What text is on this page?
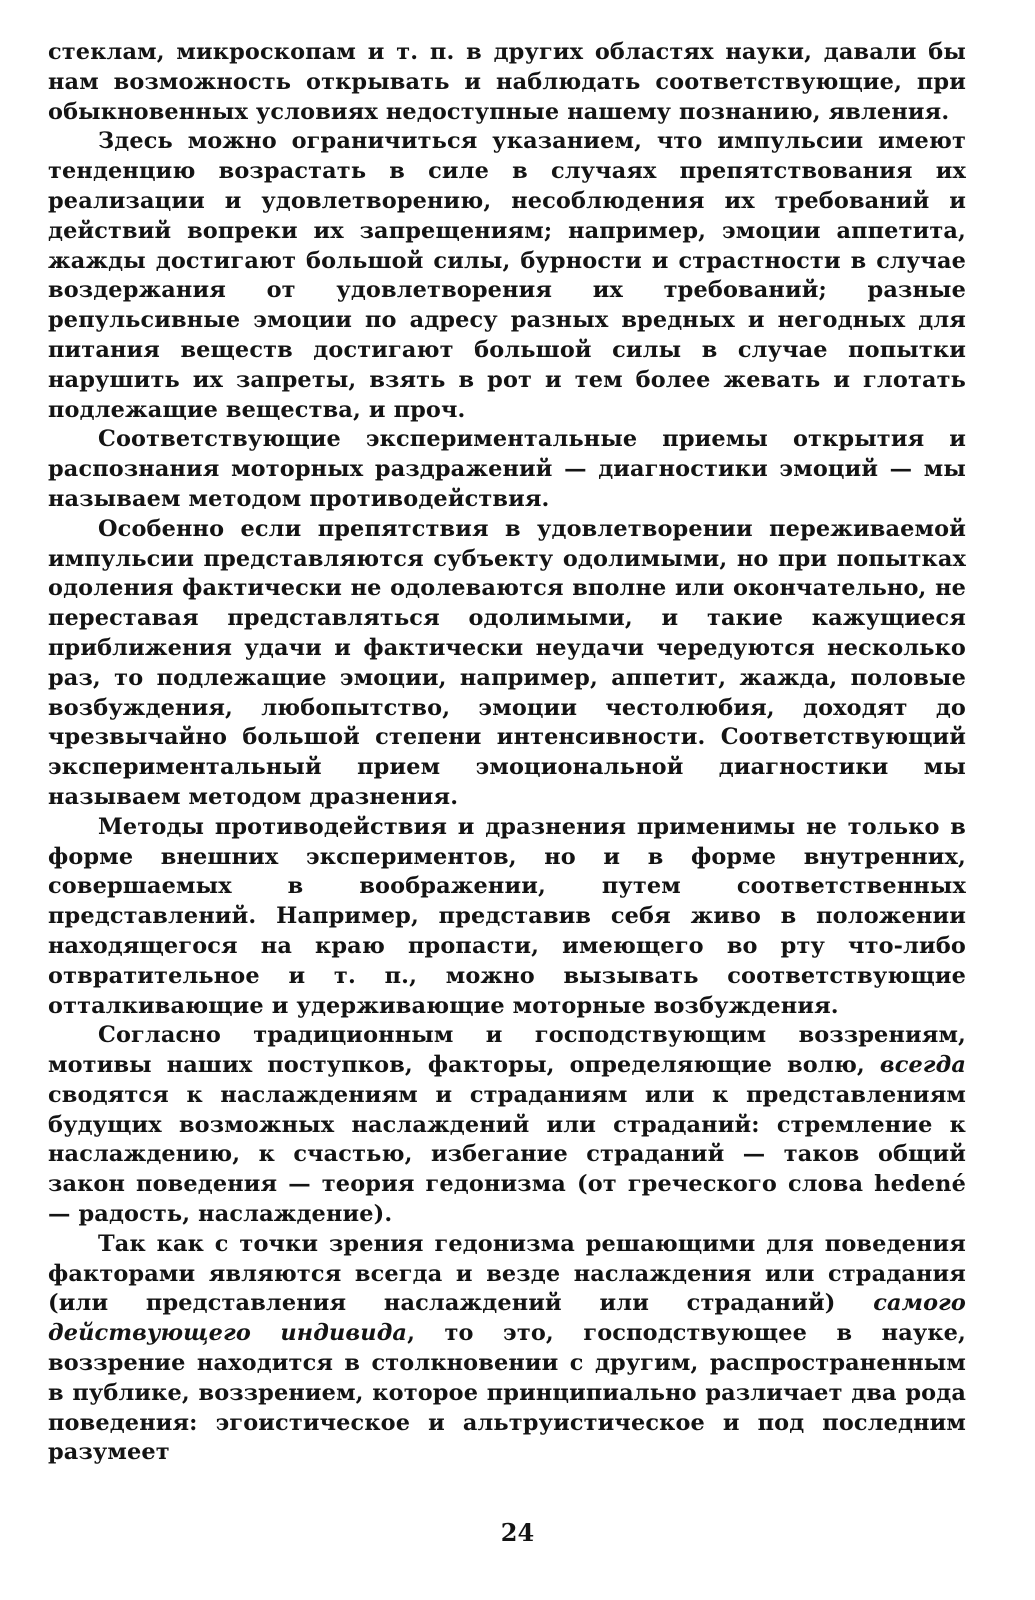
стеклам, микроскопам и т. п. в других областях науки, давали бы нам возможность открывать и наблюдать соответствующие, при обыкновенных условиях недоступные нашему познанию, явления.

Здесь можно ограничиться указанием, что импульсии имеют тенденцию возрастать в силе в случаях препятствования их реализации и удовлетворению, несоблюдения их требований и действий вопреки их запрещениям; например, эмоции аппетита, жажды достигают большой силы, бурности и страстности в случае воздержания от удовлетворения их требований; разные репульсивные эмоции по адресу разных вредных и негодных для питания веществ достигают большой силы в случае попытки нарушить их запреты, взять в рот и тем более жевать и глотать подлежащие вещества, и проч.

Соответствующие экспериментальные приемы открытия и распознания моторных раздражений — диагностики эмоций — мы называем методом противодействия.

Особенно если препятствия в удовлетворении переживаемой импульсии представляются субъекту одолимыми, но при попытках одоления фактически не одолеваются вполне или окончательно, не переставая представляться одолимыми, и такие кажущиеся приближения удачи и фактически неудачи чередуются несколько раз, то подлежащие эмоции, например, аппетит, жажда, половые возбуждения, любопытство, эмоции честолюбия, доходят до чрезвычайно большой степени интенсивности. Соответствующий экспериментальный прием эмоциональной диагностики мы называем методом дразнения.

Методы противодействия и дразнения применимы не только в форме внешних экспериментов, но и в форме внутренних, совершаемых в воображении, путем соответственных представлений. Например, представив себя живо в положении находящегося на краю пропасти, имеющего во рту что-либо отвратительное и т. п., можно вызывать соответствующие отталкивающие и удерживающие моторные возбуждения.

Согласно традиционным и господствующим воззрениям, мотивы наших поступков, факторы, определяющие волю, всегда сводятся к наслаждениям и страданиям или к представлениям будущих возможных наслаждений или страданий: стремление к наслаждению, к счастью, избегание страданий — таков общий закон поведения — теория гедонизма (от греческого слова hedené — радость, наслаждение).

Так как с точки зрения гедонизма решающими для поведения факторами являются всегда и везде наслаждения или страдания (или представления наслаждений или страданий) самого действующего индивида, то это, господствующее в науке, воззрение находится в столкновении с другим, распространенным в публике, воззрением, которое принципиально различает два рода поведения: эгоистическое и альтруистическое и под последним разумеет

24
